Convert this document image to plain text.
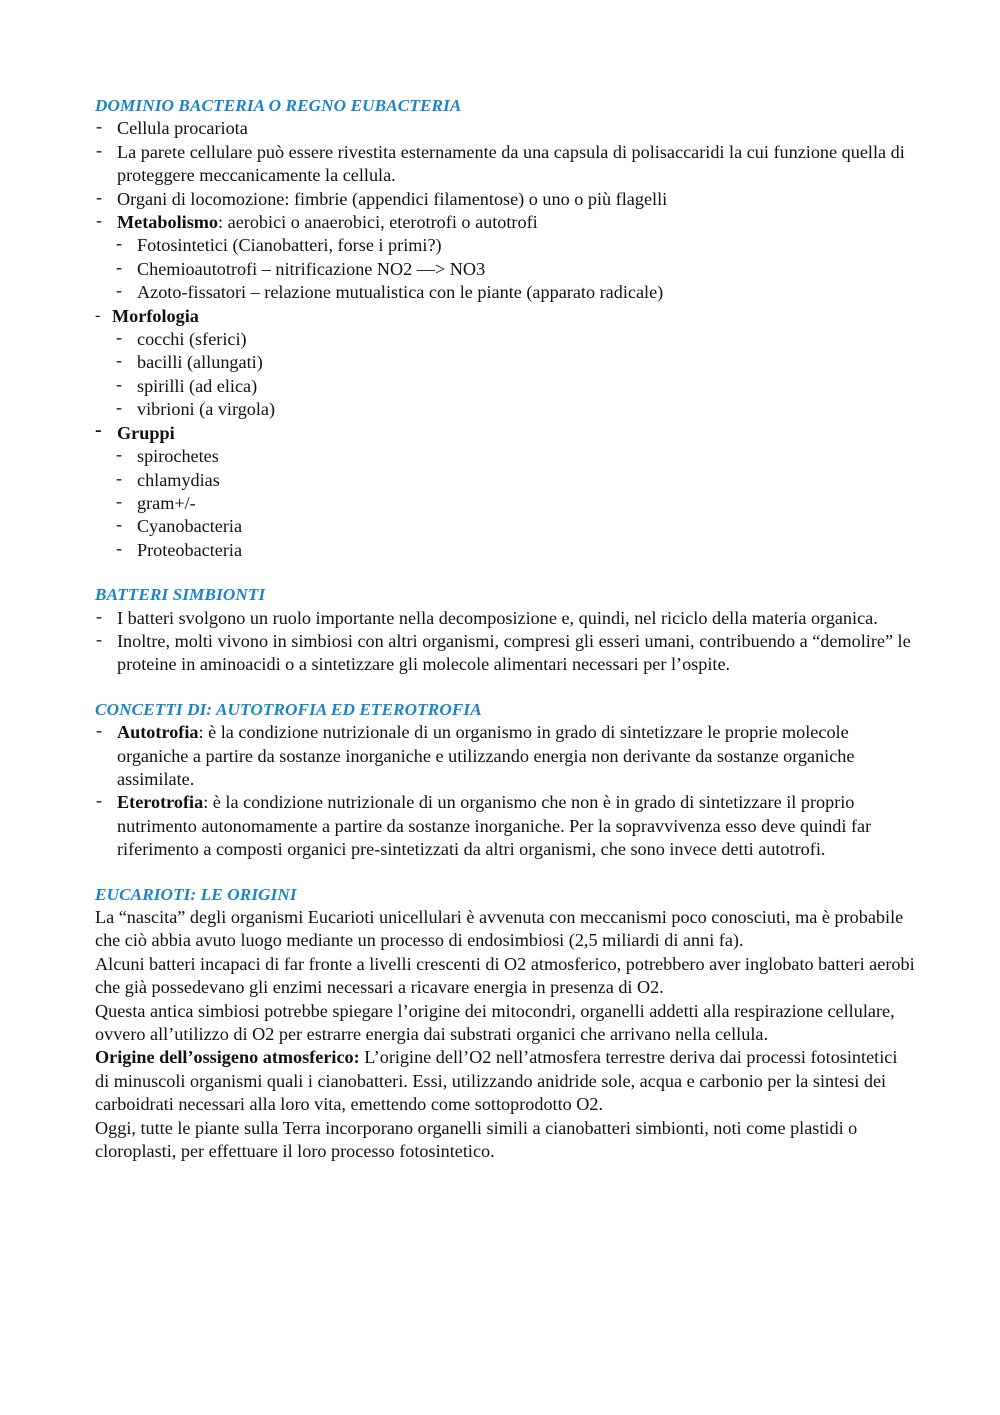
DOMINIO BACTERIA O REGNO EUBACTERIA
- Cellula procariota
- La parete cellulare può essere rivestita esternamente da una capsula di polisaccaridi la cui funzione quella di proteggere meccanicamente la cellula.
- Organi di locomozione: fimbrie (appendici filamentose) o uno o più flagelli
- Metabolismo: aerobici o anaerobici, eterotrofi o autotrofi
- Fotosintetici (Cianobatteri, forse i primi?)
- Chemioautotrofi – nitrificazione NO2 —> NO3
- Azoto-fissatori – relazione mutualistica con le piante (apparato radicale)
- Morfologia
- cocchi (sferici)
- bacilli (allungati)
- spirilli (ad elica)
- vibrioni (a virgola)
- Gruppi
- spirochetes
- chlamydias
- gram+/-
- Cyanobacteria
- Proteobacteria
BATTERI SIMBIONTI
- I batteri svolgono un ruolo importante nella decomposizione e, quindi, nel riciclo della materia organica.
- Inoltre, molti vivono in simbiosi con altri organismi, compresi gli esseri umani, contribuendo a “demolire” le proteine in aminoacidi o a sintetizzare gli molecole alimentari necessari per l’ospite.
CONCETTI DI: AUTOTROFIA ED ETEROTROFIA
- Autotrofia: è la condizione nutrizionale di un organismo in grado di sintetizzare le proprie molecole organiche a partire da sostanze inorganiche e utilizzando energia non derivante da sostanze organiche assimilate.
- Eterotrofia: è la condizione nutrizionale di un organismo che non è in grado di sintetizzare il proprio nutrimento autonomamente a partire da sostanze inorganiche. Per la sopravvivenza esso deve quindi far riferimento a composti organici pre-sintetizzati da altri organismi, che sono invece detti autotrofi.
EUCARIOTI: LE ORIGINI

La “nascita” degli organismi Eucarioti unicellulari è avvenuta con meccanismi poco conosciuti, ma è probabile che ciò abbia avuto luogo mediante un processo di endosimbiosi (2,5 miliardi di anni fa).

Alcuni batteri incapaci di far fronte a livelli crescenti di O2 atmosferico, potrebbero aver inglobato batteri aerobi che già possedevano gli enzimi necessari a ricavare energia in presenza di O2.

Questa antica simbiosi potrebbe spiegare l’origine dei mitocondri, organelli addetti alla respirazione cellulare, ovvero all’utilizzo di O2 per estrarre energia dai substrati organici che arrivano nella cellula.

Origine dell’ossigeno atmosferico: L’origine dell’O2 nell’atmosfera terrestre deriva dai processi fotosintetici di minuscoli organismi quali i cianobatteri. Essi, utilizzando anidride sole, acqua e carbonio per la sintesi dei carboidrati necessari alla loro vita, emettendo come sottoprodotto O2.

Oggi, tutte le piante sulla Terra incorporano organelli simili a cianobatteri simbionti, noti come plastidi o cloroplasti, per effettuare il loro processo fotosintetico.
